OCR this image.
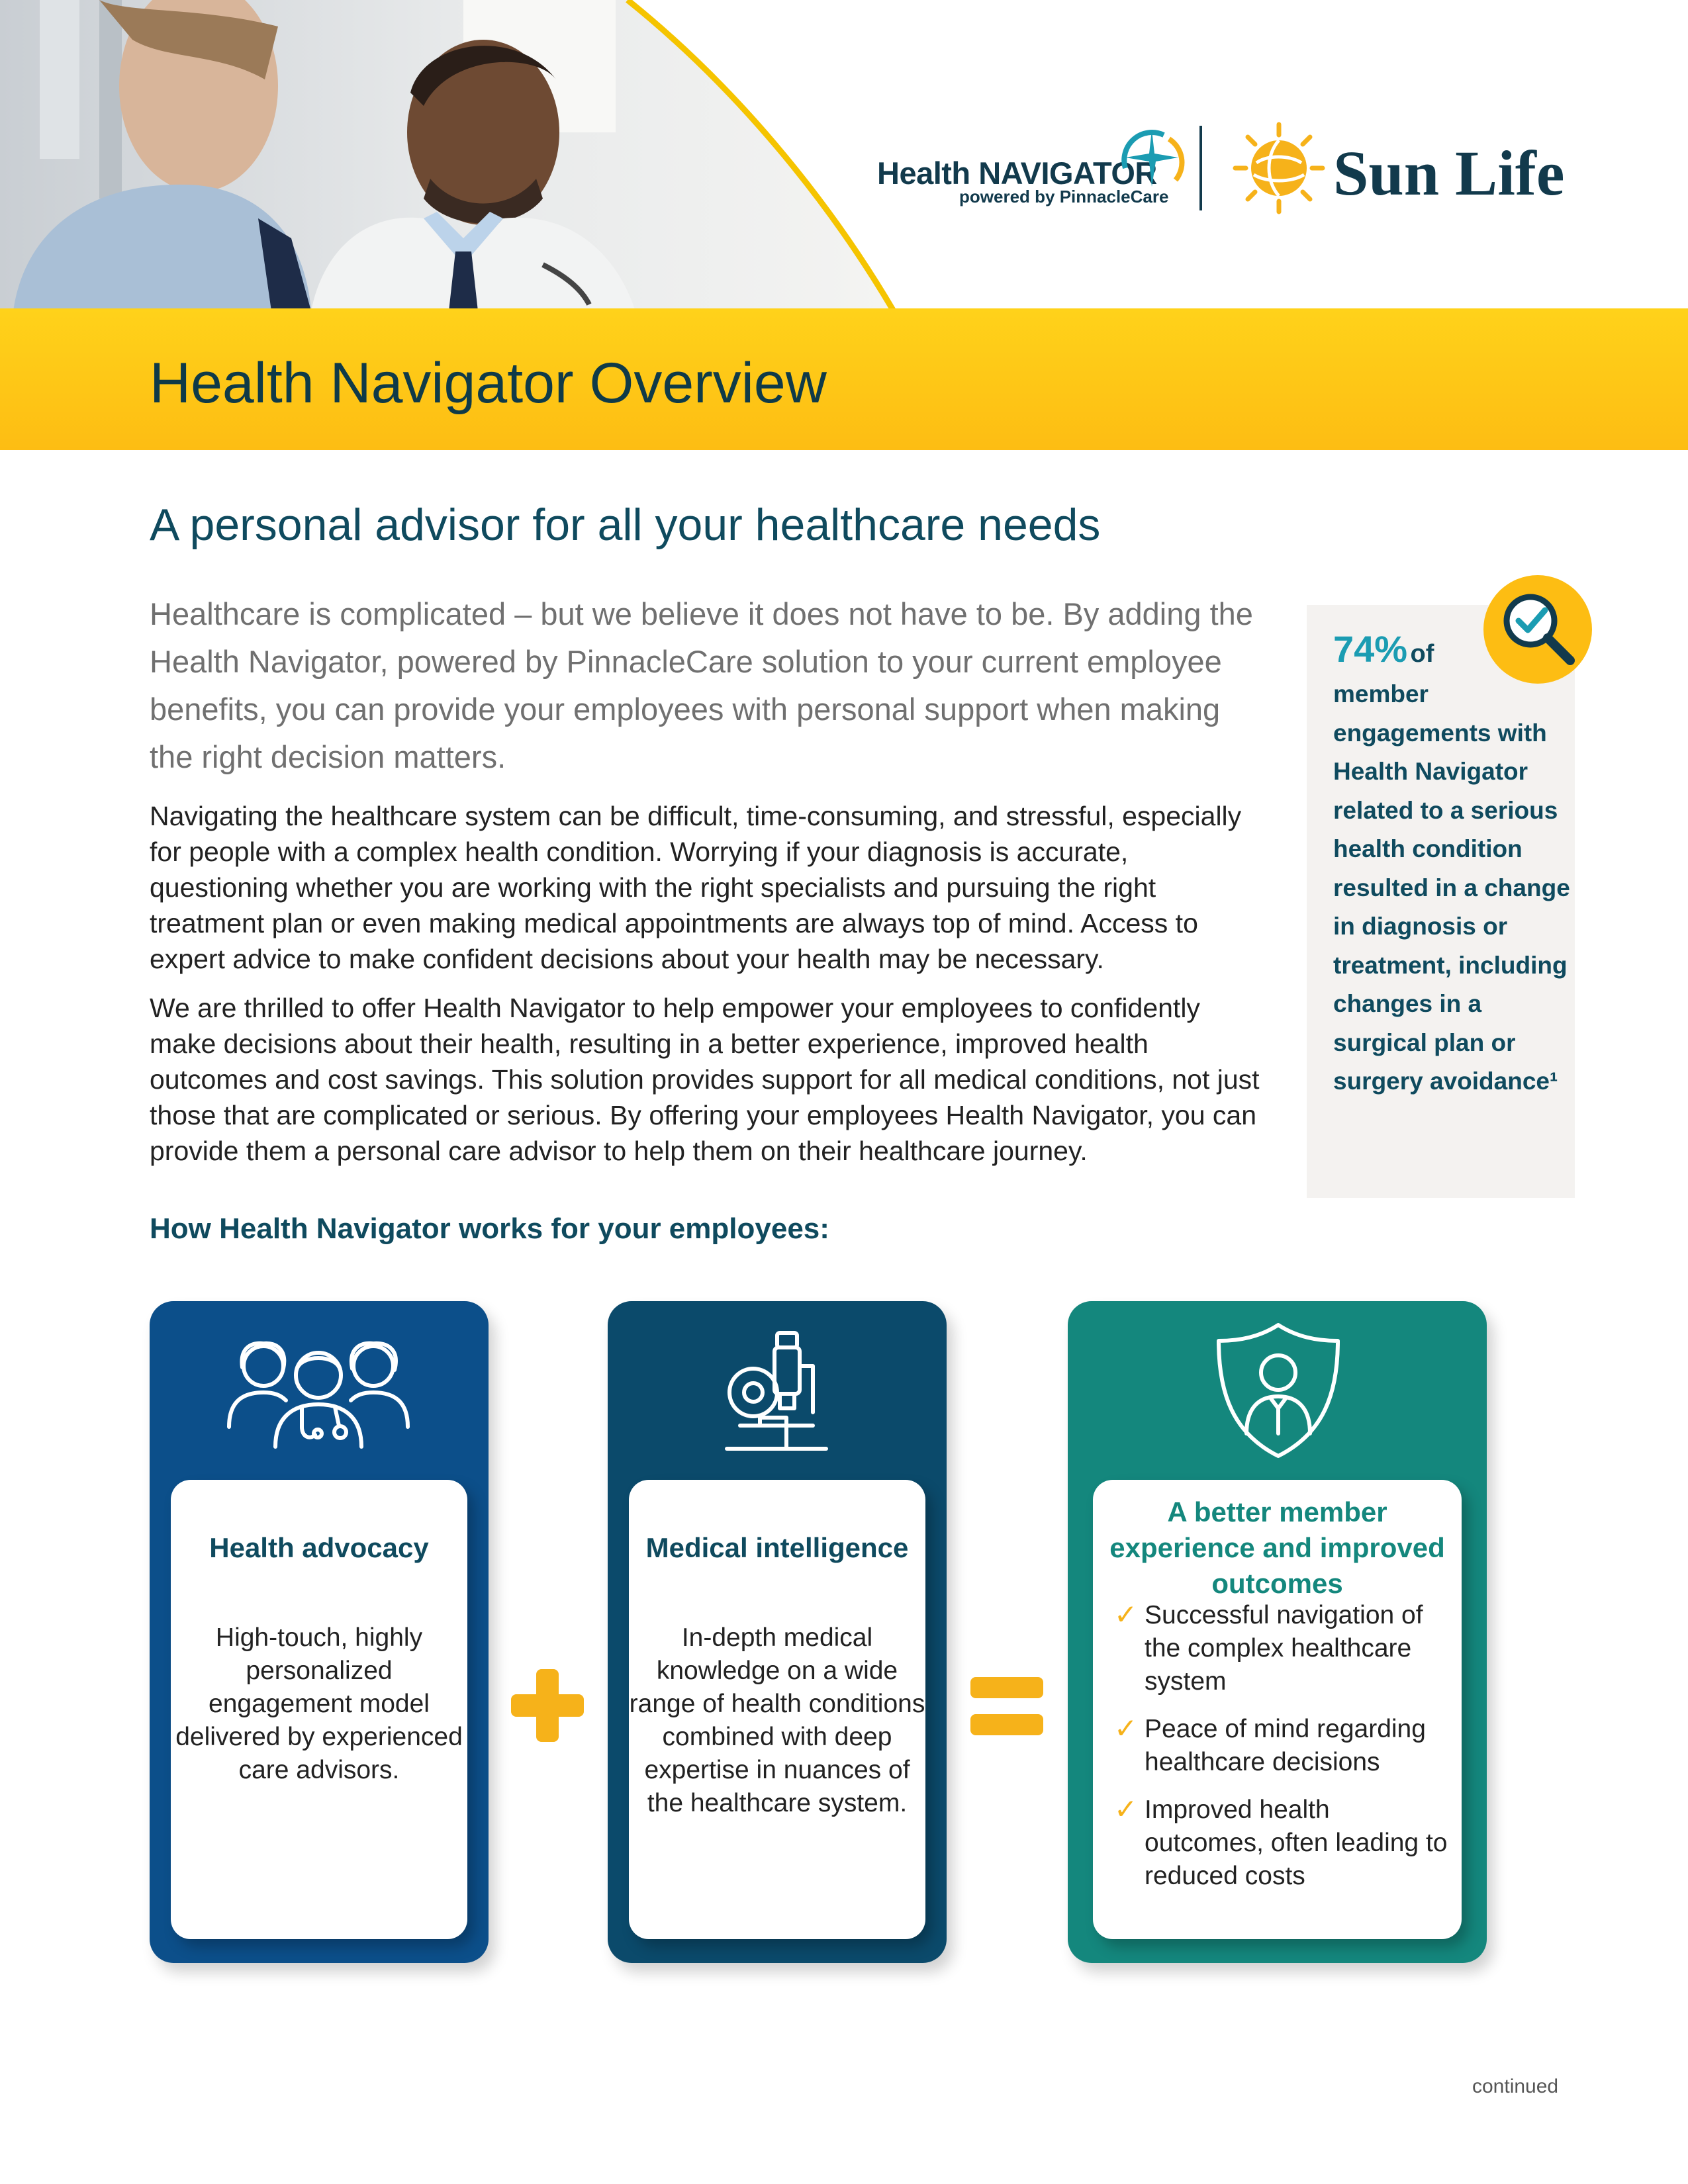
Health NAVIGATOR
powered by PinnacleCare	Sun Life
Health Navigator Overview
A personal advisor for all your healthcare needs

Healthcare is complicated – but we believe it does not have to be. By adding the Health Navigator, powered by PinnacleCare solution to your current employee benefits, you can provide your employees with personal support when making the right decision matters.

Navigating the healthcare system can be difficult, time-consuming, and stressful, especially for people with a complex health condition. Worrying if your diagnosis is accurate, questioning whether you are working with the right specialists and pursuing the right treatment plan or even making medical appointments are always top of mind. Access to expert advice to make confident decisions about your health may be necessary.

We are thrilled to offer Health Navigator to help empower your employees to confidently make decisions about their health, resulting in a better experience, improved health outcomes and cost savings. This solution provides support for all medical conditions, not just those that are complicated or serious. By offering your employees Health Navigator, you can provide them a personal care advisor to help them on their healthcare journey.

How Health Navigator works for your employees:
74% of

member engagements with Health Navigator related to a serious health condition resulted in a change in diagnosis or treatment, including changes in a surgical plan or surgery avoidance¹

Health advocacy

High-touch, highly personalized engagement model delivered by experienced care advisors.

Medical intelligence

In-depth medical knowledge on a wide range of health conditions combined with deep expertise in nuances of the healthcare system.

A better member experience and improved outcomes

✓ Successful navigation of the complex healthcare system
✓ Peace of mind regarding healthcare decisions
✓ Improved health outcomes, often leading to reduced costs
continued
